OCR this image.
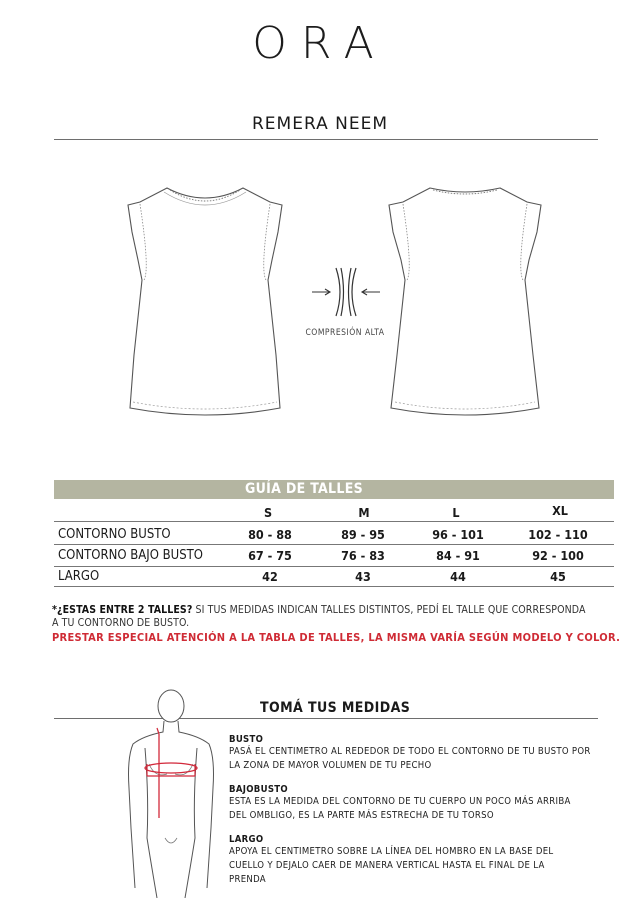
ORA
REMERA NEEM
COMPRESIÓN ALTA
GUÍA DE TALLES
S	M	L	XL
CONTORNO BUSTO	80 - 88	89 - 95	96 - 101	102 - 110
CONTORNO BAJO BUSTO	67 - 75	76 - 83	84 - 91	92 - 100
LARGO	42	43	44	45
*¿ESTAS ENTRE 2 TALLES? SI TUS MEDIDAS INDICAN TALLES DISTINTOS, PEDÍ EL TALLE QUE CORRESPONDA
A TU CONTORNO DE BUSTO.
PRESTAR ESPECIAL ATENCIÓN A LA TABLA DE TALLES, LA MISMA VARÍA SEGÚN MODELO Y COLOR.
TOMÁ TUS MEDIDAS
BUSTO
PASÁ EL CENTIMETRO AL REDEDOR DE TODO EL CONTORNO DE TU BUSTO POR
LA ZONA DE MAYOR VOLUMEN DE TU PECHO
BAJOBUSTO
ESTA ES LA MEDIDA DEL CONTORNO DE TU CUERPO UN POCO MÁS ARRIBA
DEL OMBLIGO, ES LA PARTE MÁS ESTRECHA DE TU TORSO
LARGO
APOYA EL CENTIMETRO SOBRE LA LÍNEA DEL HOMBRO EN LA BASE DEL
CUELLO Y DEJALO CAER DE MANERA VERTICAL HASTA EL FINAL DE LA
PRENDA
